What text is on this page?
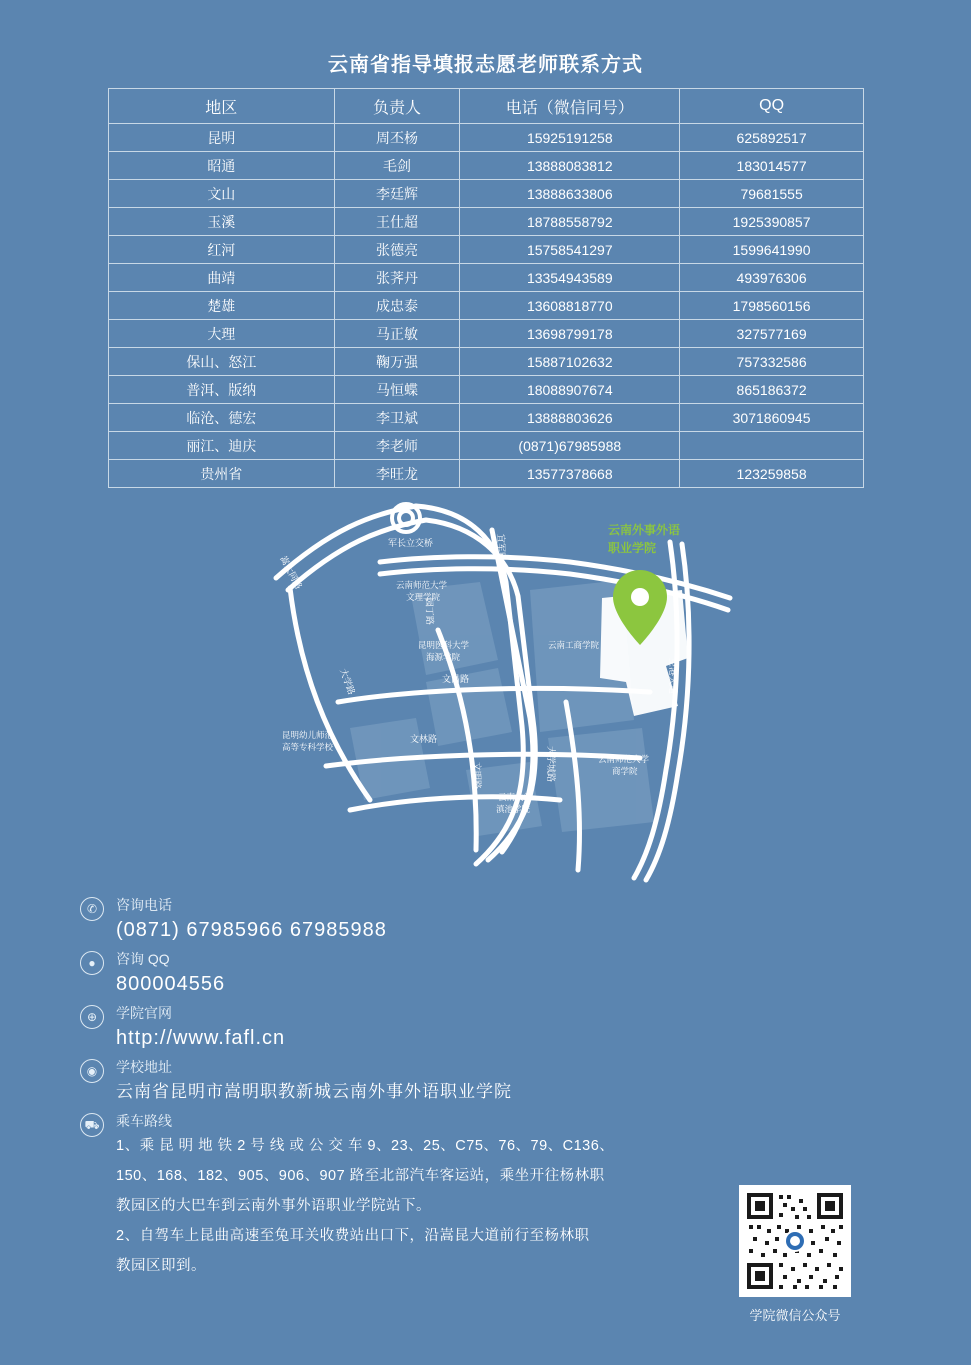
云南省指导填报志愿老师联系方式
地区	负责人	电话（微信同号）	QQ
昆明	周丕杨	15925191258	625892517
昭通	毛剑	13888083812	183014577
文山	李廷辉	13888633806	79681555
玉溪	王仕超	18788558792	1925390857
红河	张德亮	15758541297	1599641990
曲靖	张荠丹	13354943589	493976306
楚雄	成忠泰	13608818770	1798560156
大理	马正敏	13698799178	327577169
保山、怒江	鞠万强	15887102632	757332586
普洱、版纳	马恒蝶	18088907674	865186372
临沧、德宏	李卫斌	13888803626	3071860945
丽江、迪庆	李老师	(0871)67985988	
贵州省	李旺龙	13577378668	123259858
云南外事外语
职业学院
军长立交桥	宜军路
嵩大同路
空港大道
园丁路
大学路	文昌路
文林路
文明路	大学城路
云南师范大学
文理学院
昆明医科大学
海源学院
云南工商学院
昆明幼儿师范
高等专科学校
云南师范大学
商学院
云南大学
滇池学院
✆	咨询电话
(0871) 67985966 67985988
●	咨询 QQ
800004556
⊕	学院官网
http://www.fafl.cn
◉	学校地址
云南省昆明市嵩明职教新城云南外事外语职业学院
⛟	乘车路线
1、乘 昆 明 地 铁 2 号 线 或 公 交 车 9、23、25、C75、76、79、C136、
150、168、182、905、906、907 路至北部汽车客运站，乘坐开往杨林职
教园区的大巴车到云南外事外语职业学院站下。
2、自驾车上昆曲高速至兔耳关收费站出口下，沿嵩昆大道前行至杨林职
教园区即到。
学院微信公众号
